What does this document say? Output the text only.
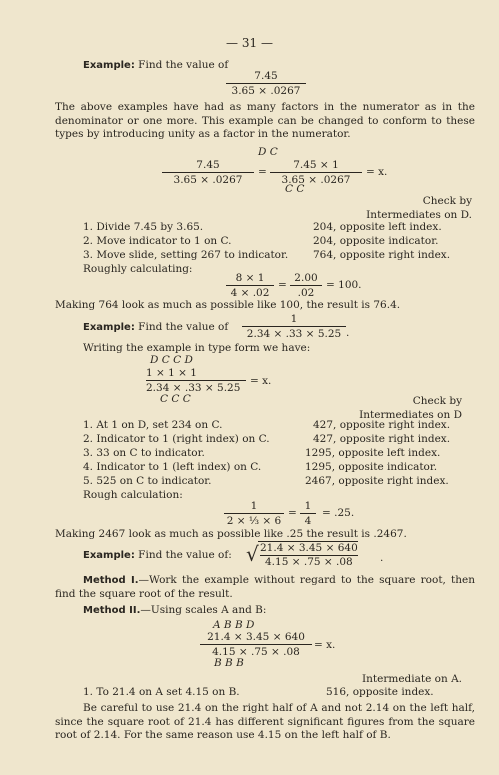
— 31 —
Example: Find the value of
$\frac{7.45}{3.65 \times .0267}$
The above examples have had as many factors in the numerator as in the denominator or one more. This example can be changed to conform to these types by introducing unity as a factor in the numerator.
D C
$\frac{7.45}{3.65 \times .0267} = \frac{7.45 \times 1}{3.65 \times .0267} = x$.
C C
Check by
Intermediates on D.
1. Divide 7.45 by 3.65.	204, opposite left index.
2. Move indicator to 1 on C.	204, opposite indicator.
3. Move slide, setting 267 to indicator. 764, opposite right index.
Roughly calculating:
$\frac{8 \times 1}{4 \times .02} = \frac{2.00}{.02} = 100$.
Making 764 look as much as possible like 100, the result is 76.4.
Example: Find the value of $\frac{1}{2.34 \times .33 \times 5.25}$ .
Writing the example in type form we have:
D C C D
$\frac{1 \times 1 \times 1}{2.34 \times .33 \times 5.25} = x$.
C C C	Check by
Intermediates on D
1. At 1 on D, set 234 on C.	427, opposite right index.
2. Indicator to 1 (right index) on C.	427, opposite right index.
3. 33 on C to indicator.	1295, opposite left index.
4. Indicator to 1 (left index) on C.	1295, opposite indicator.
5. 525 on C to indicator.	2467, opposite right index.
Rough calculation:
$\frac{1}{\text{2 × ⅓ × 6}} = \frac{1}{4} = .25$.
Making 2467 look as much as possible like .25 the result is .2467.
Example: Find the value of: √ 21.4 × 3.45 × 640
4.15 × .75 × .08	.
Method I.—Work the example without regard to the square root, then find the square root of the result.
Method II.—Using scales A and B:
A B B D
$\frac{21.4 \times 3.45 \times 640}{4.15 \times .75 \times .08} = x$.
B B B
Intermediate on A.
1. To 21.4 on A set 4.15 on B.	516, opposite index.
Be careful to use 21.4 on the right half of A and not 2.14 on the left half, since the square root of 21.4 has different significant figures from the square root of 2.14. For the same reason use 4.15 on the left half of B.
